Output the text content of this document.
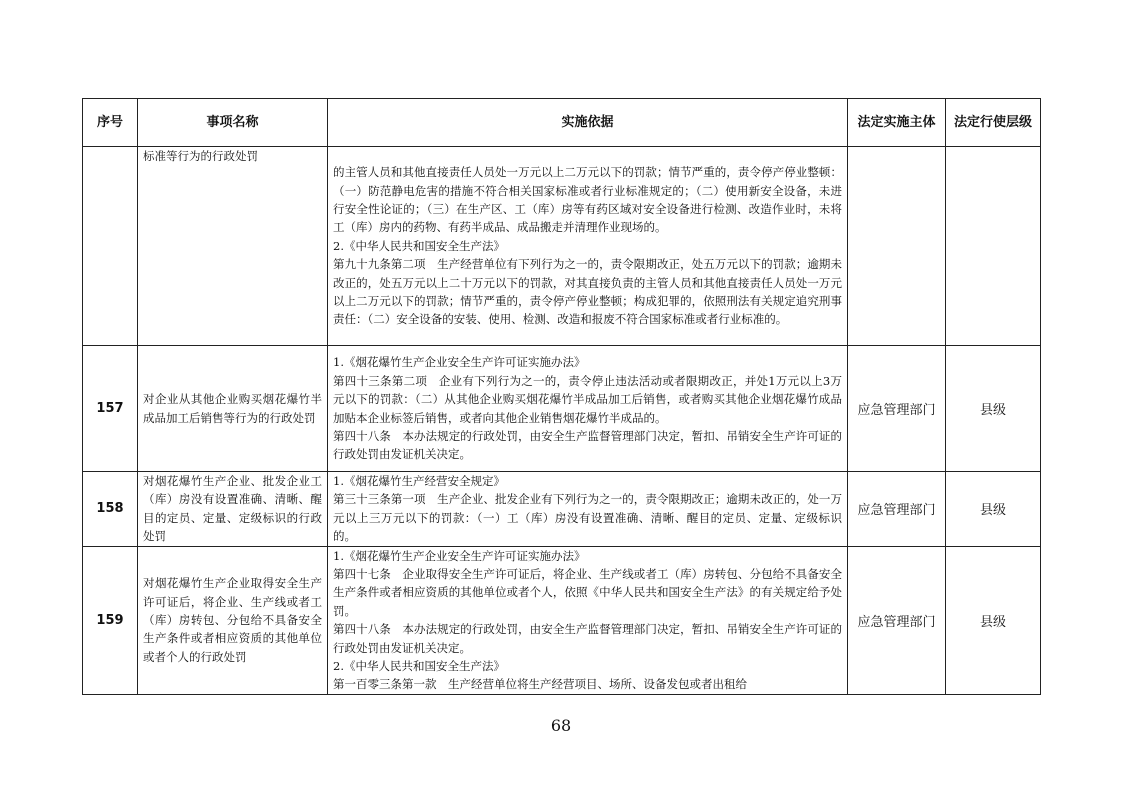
序号	事项名称	实施依据	法定实施主体	法定行使层级
	标准等行为的行政处罚	的主管人员和其他直接责任人员处一万元以上二万元以下的罚款；情节严重的，责令停产停业整顿：（一）防范静电危害的措施不符合相关国家标准或者行业标准规定的；（二）使用新安全设备，未进行安全性论证的；（三）在生产区、工（库）房等有药区域对安全设备进行检测、改造作业时，未将工（库）房内的药物、有药半成品、成品搬走并清理作业现场的。
2.《中华人民共和国安全生产法》
第九十九条第二项　生产经营单位有下列行为之一的，责令限期改正，处五万元以下的罚款；逾期未改正的，处五万元以上二十万元以下的罚款，对其直接负责的主管人员和其他直接责任人员处一万元以上二万元以下的罚款；情节严重的，责令停产停业整顿；构成犯罪的，依照刑法有关规定追究刑事责任：（二）安全设备的安装、使用、检测、改造和报废不符合国家标准或者行业标准的。		
157	对企业从其他企业购买烟花爆竹半成品加工后销售等行为的行政处罚	1.《烟花爆竹生产企业安全生产许可证实施办法》
第四十三条第二项　企业有下列行为之一的，责令停止违法活动或者限期改正，并处1万元以上3万元以下的罚款：（二）从其他企业购买烟花爆竹半成品加工后销售，或者购买其他企业烟花爆竹成品加贴本企业标签后销售，或者向其他企业销售烟花爆竹半成品的。
第四十八条　本办法规定的行政处罚，由安全生产监督管理部门决定，暂扣、吊销安全生产许可证的行政处罚由发证机关决定。	应急管理部门	县级
158	对烟花爆竹生产企业、批发企业工（库）房没有设置准确、清晰、醒目的定员、定量、定级标识的行政处罚	1.《烟花爆竹生产经营安全规定》
第三十三条第一项　生产企业、批发企业有下列行为之一的，责令限期改正；逾期未改正的，处一万元以上三万元以下的罚款：（一）工（库）房没有设置准确、清晰、醒目的定员、定量、定级标识的。	应急管理部门	县级
159	对烟花爆竹生产企业取得安全生产许可证后，将企业、生产线或者工（库）房转包、分包给不具备安全生产条件或者相应资质的其他单位或者个人的行政处罚	1.《烟花爆竹生产企业安全生产许可证实施办法》
第四十七条　企业取得安全生产许可证后，将企业、生产线或者工（库）房转包、分包给不具备安全生产条件或者相应资质的其他单位或者个人，依照《中华人民共和国安全生产法》的有关规定给予处罚。
第四十八条　本办法规定的行政处罚，由安全生产监督管理部门决定，暂扣、吊销安全生产许可证的行政处罚由发证机关决定。
2.《中华人民共和国安全生产法》
第一百零三条第一款　生产经营单位将生产经营项目、场所、设备发包或者出租给	应急管理部门	县级
68
